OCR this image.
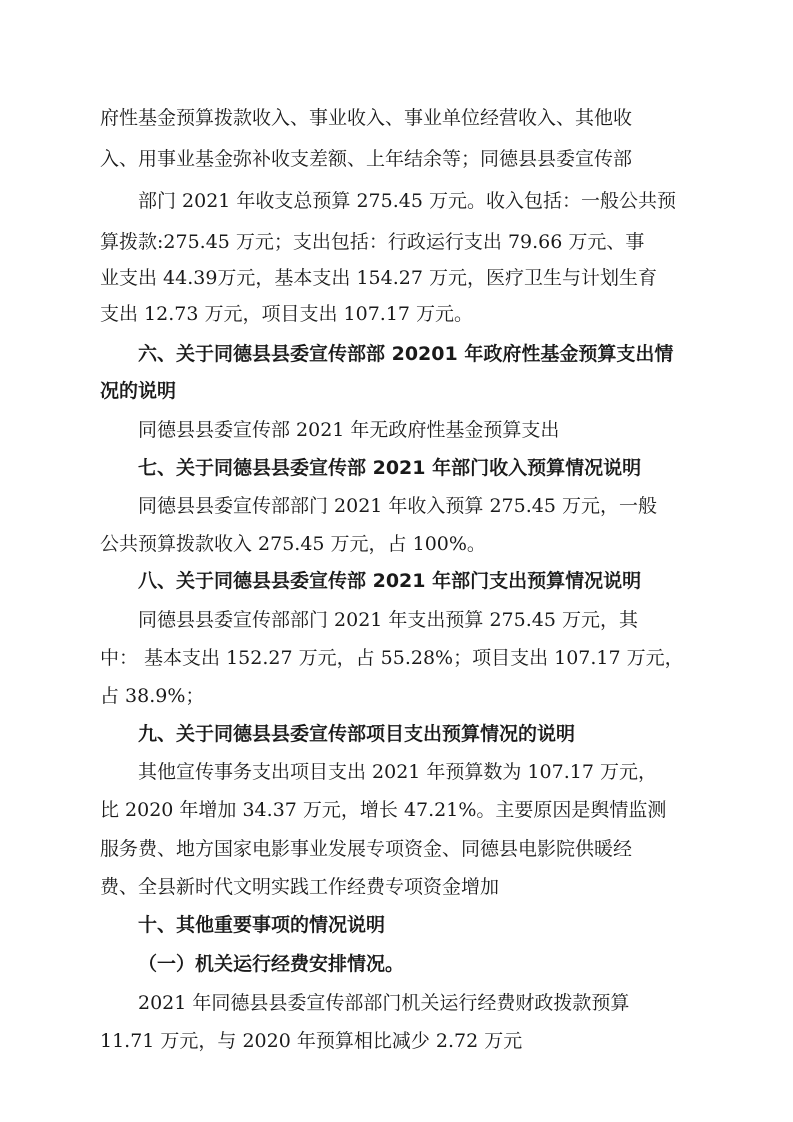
府性基金预算拨款收入、事业收入、事业单位经营收入、其他收
入、用事业基金弥补收支差额、上年结余等；同德县县委宣传部
部门 2021 年收支总预算 275.45 万元。收入包括：一般公共预
算拨款:275.45 万元；支出包括：行政运行支出 79.66 万元、事
业支出 44.39万元，基本支出 154.27 万元，医疗卫生与计划生育
支出 12.73 万元，项目支出 107.17 万元。
六、关于同德县县委宣传部部 20201 年政府性基金预算支出情
况的说明
同德县县委宣传部 2021 年无政府性基金预算支出
七、关于同德县县委宣传部 2021 年部门收入预算情况说明
同德县县委宣传部部门 2021 年收入预算 275.45 万元，一般
公共预算拨款收入 275.45 万元，占 100%。
八、关于同德县县委宣传部 2021 年部门支出预算情况说明
同德县县委宣传部部门 2021 年支出预算 275.45 万元，其
中： 基本支出 152.27 万元，占 55.28%；项目支出 107.17 万元，
占 38.9%；
九、关于同德县县委宣传部项目支出预算情况的说明
其他宣传事务支出项目支出 2021 年预算数为 107.17 万元，
比 2020 年增加 34.37 万元，增长 47.21%。主要原因是舆情监测
服务费、地方国家电影事业发展专项资金、同德县电影院供暖经
费、全县新时代文明实践工作经费专项资金增加
十、其他重要事项的情况说明
（一）机关运行经费安排情况。
2021 年同德县县委宣传部部门机关运行经费财政拨款预算
11.71 万元，与 2020 年预算相比减少 2.72 万元
